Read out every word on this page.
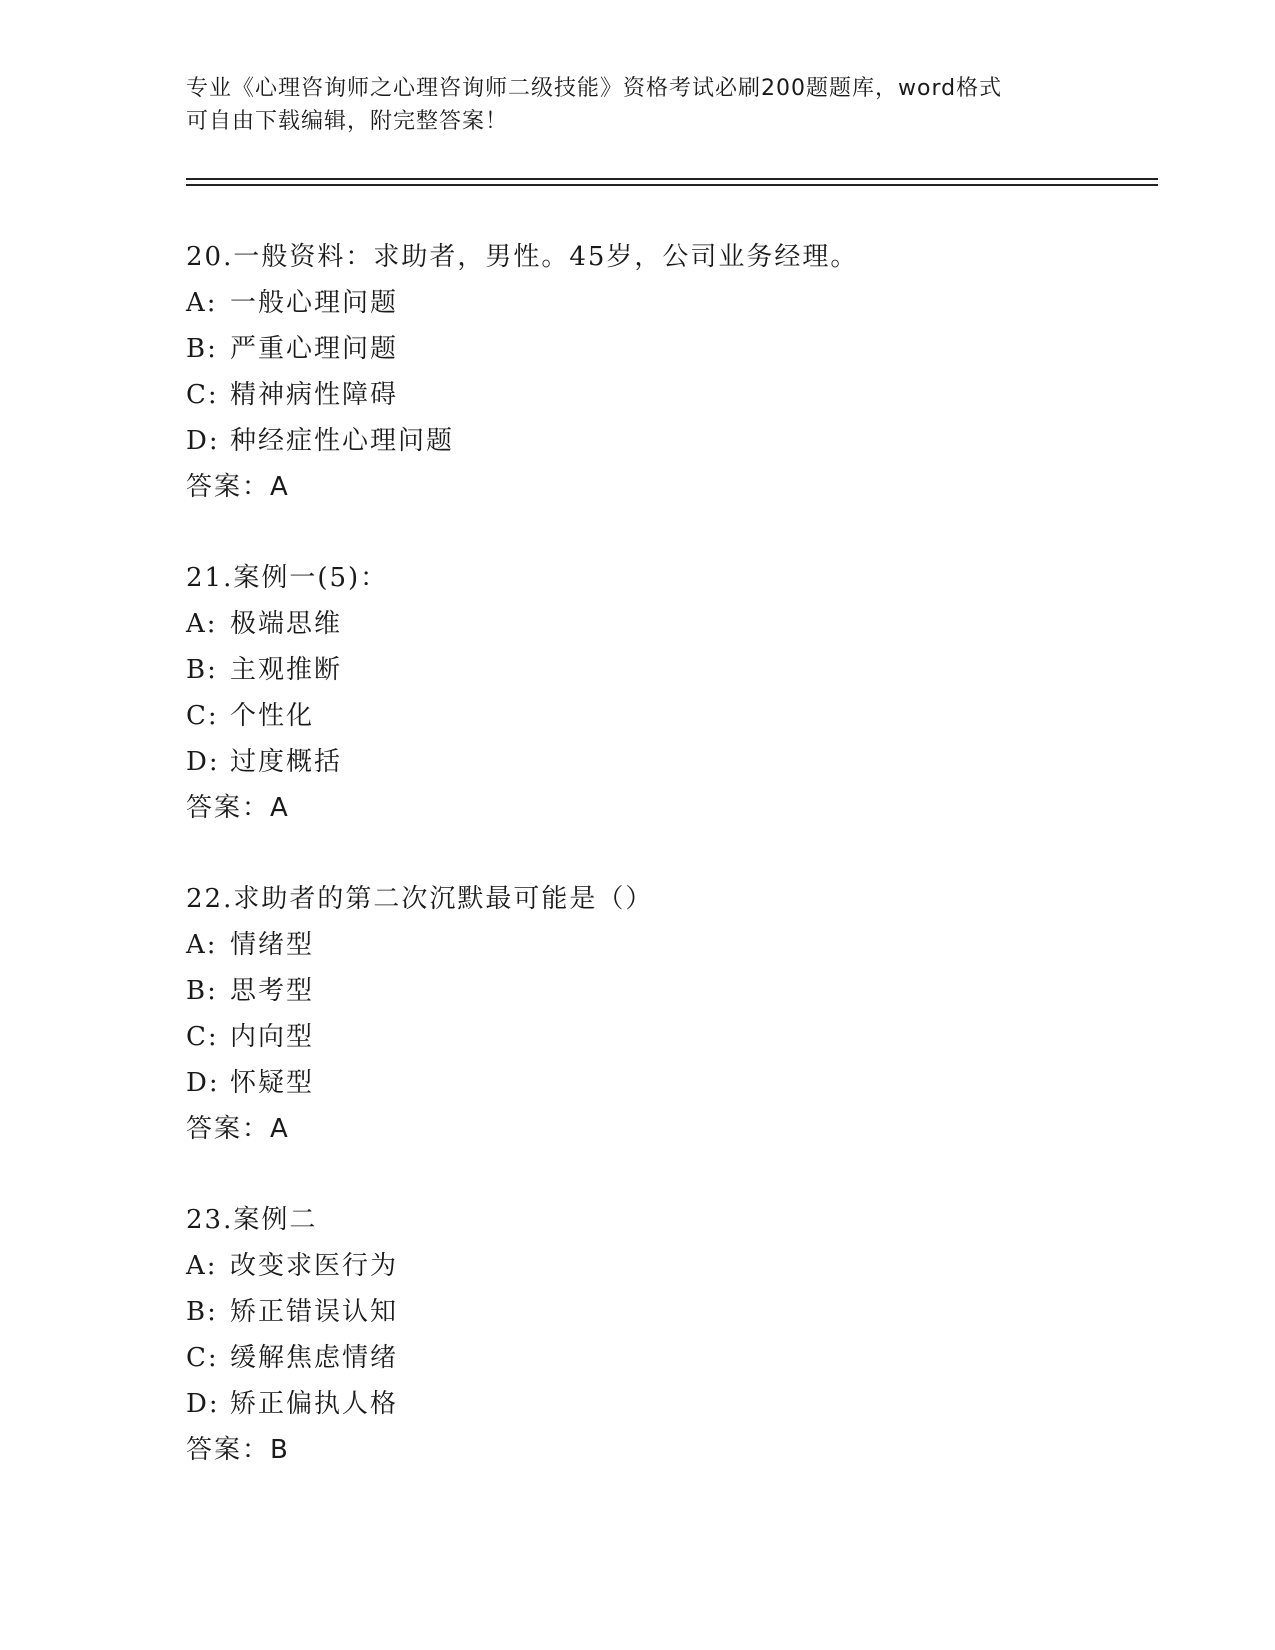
专业《心理咨询师之心理咨询师二级技能》资格考试必刷200题题库，word格式
可自由下载编辑，附完整答案！
20.一般资料：求助者，男性。45岁，公司业务经理。
A: 一般心理问题
B: 严重心理问题
C: 精神病性障碍
D: 种经症性心理问题
答案：A
21.案例一(5)：
A: 极端思维
B: 主观推断
C: 个性化
D: 过度概括
答案：A
22.求助者的第二次沉默最可能是（）
A: 情绪型
B: 思考型
C: 内向型
D: 怀疑型
答案：A
23.案例二
A: 改变求医行为
B: 矫正错误认知
C: 缓解焦虑情绪
D: 矫正偏执人格
答案：B
